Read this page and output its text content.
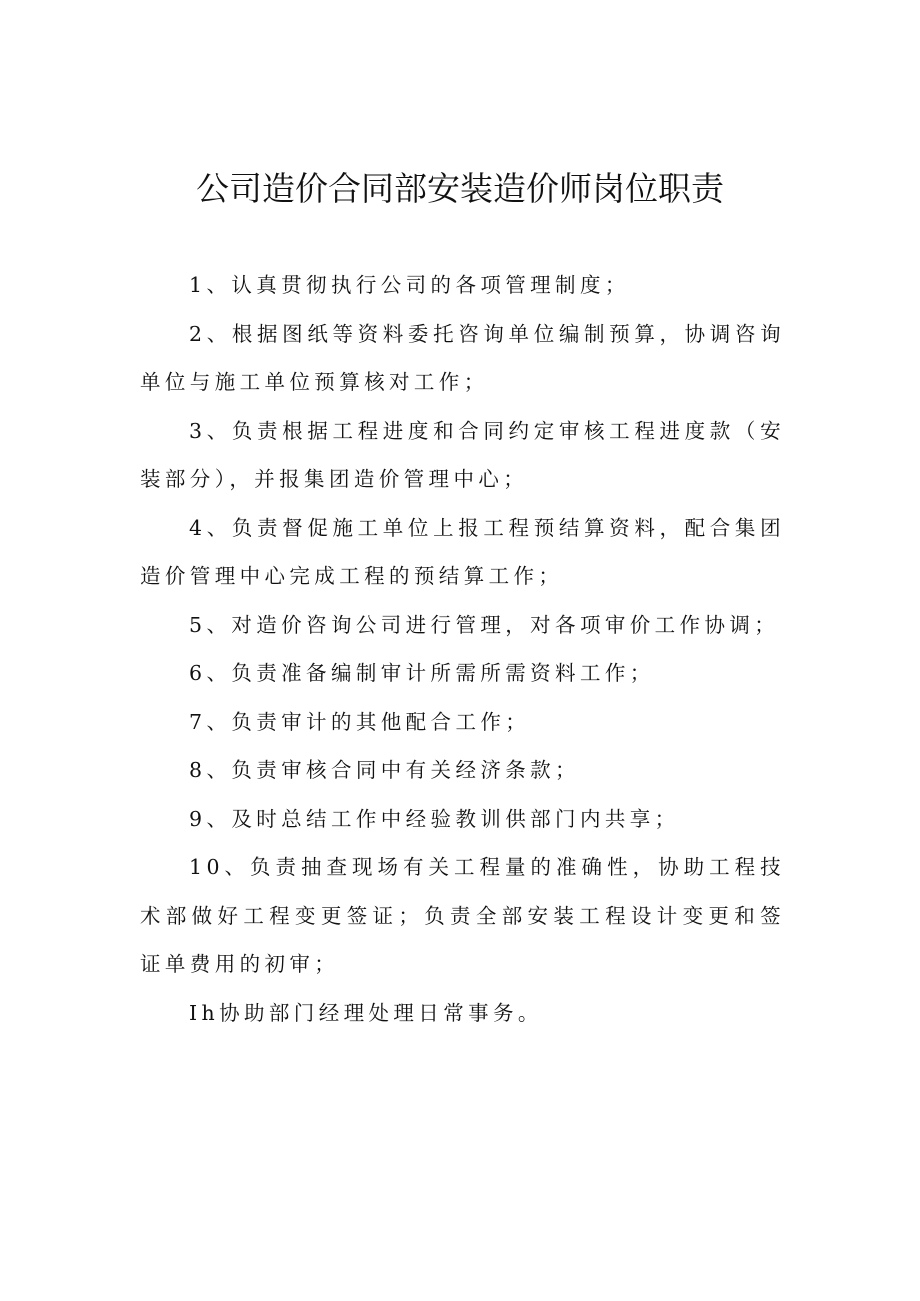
公司造价合同部安装造价师岗位职责

1、认真贯彻执行公司的各项管理制度；

2、根据图纸等资料委托咨询单位编制预算，协调咨询单位与施工单位预算核对工作；

3、负责根据工程进度和合同约定审核工程进度款（安装部分），并报集团造价管理中心；

4、负责督促施工单位上报工程预结算资料，配合集团造价管理中心完成工程的预结算工作；

5、对造价咨询公司进行管理，对各项审价工作协调；

6、负责准备编制审计所需所需资料工作；

7、负责审计的其他配合工作；

8、负责审核合同中有关经济条款；

9、及时总结工作中经验教训供部门内共享；

10、负责抽查现场有关工程量的准确性，协助工程技术部做好工程变更签证；负责全部安装工程设计变更和签证单费用的初审；

Ih协助部门经理处理日常事务。
